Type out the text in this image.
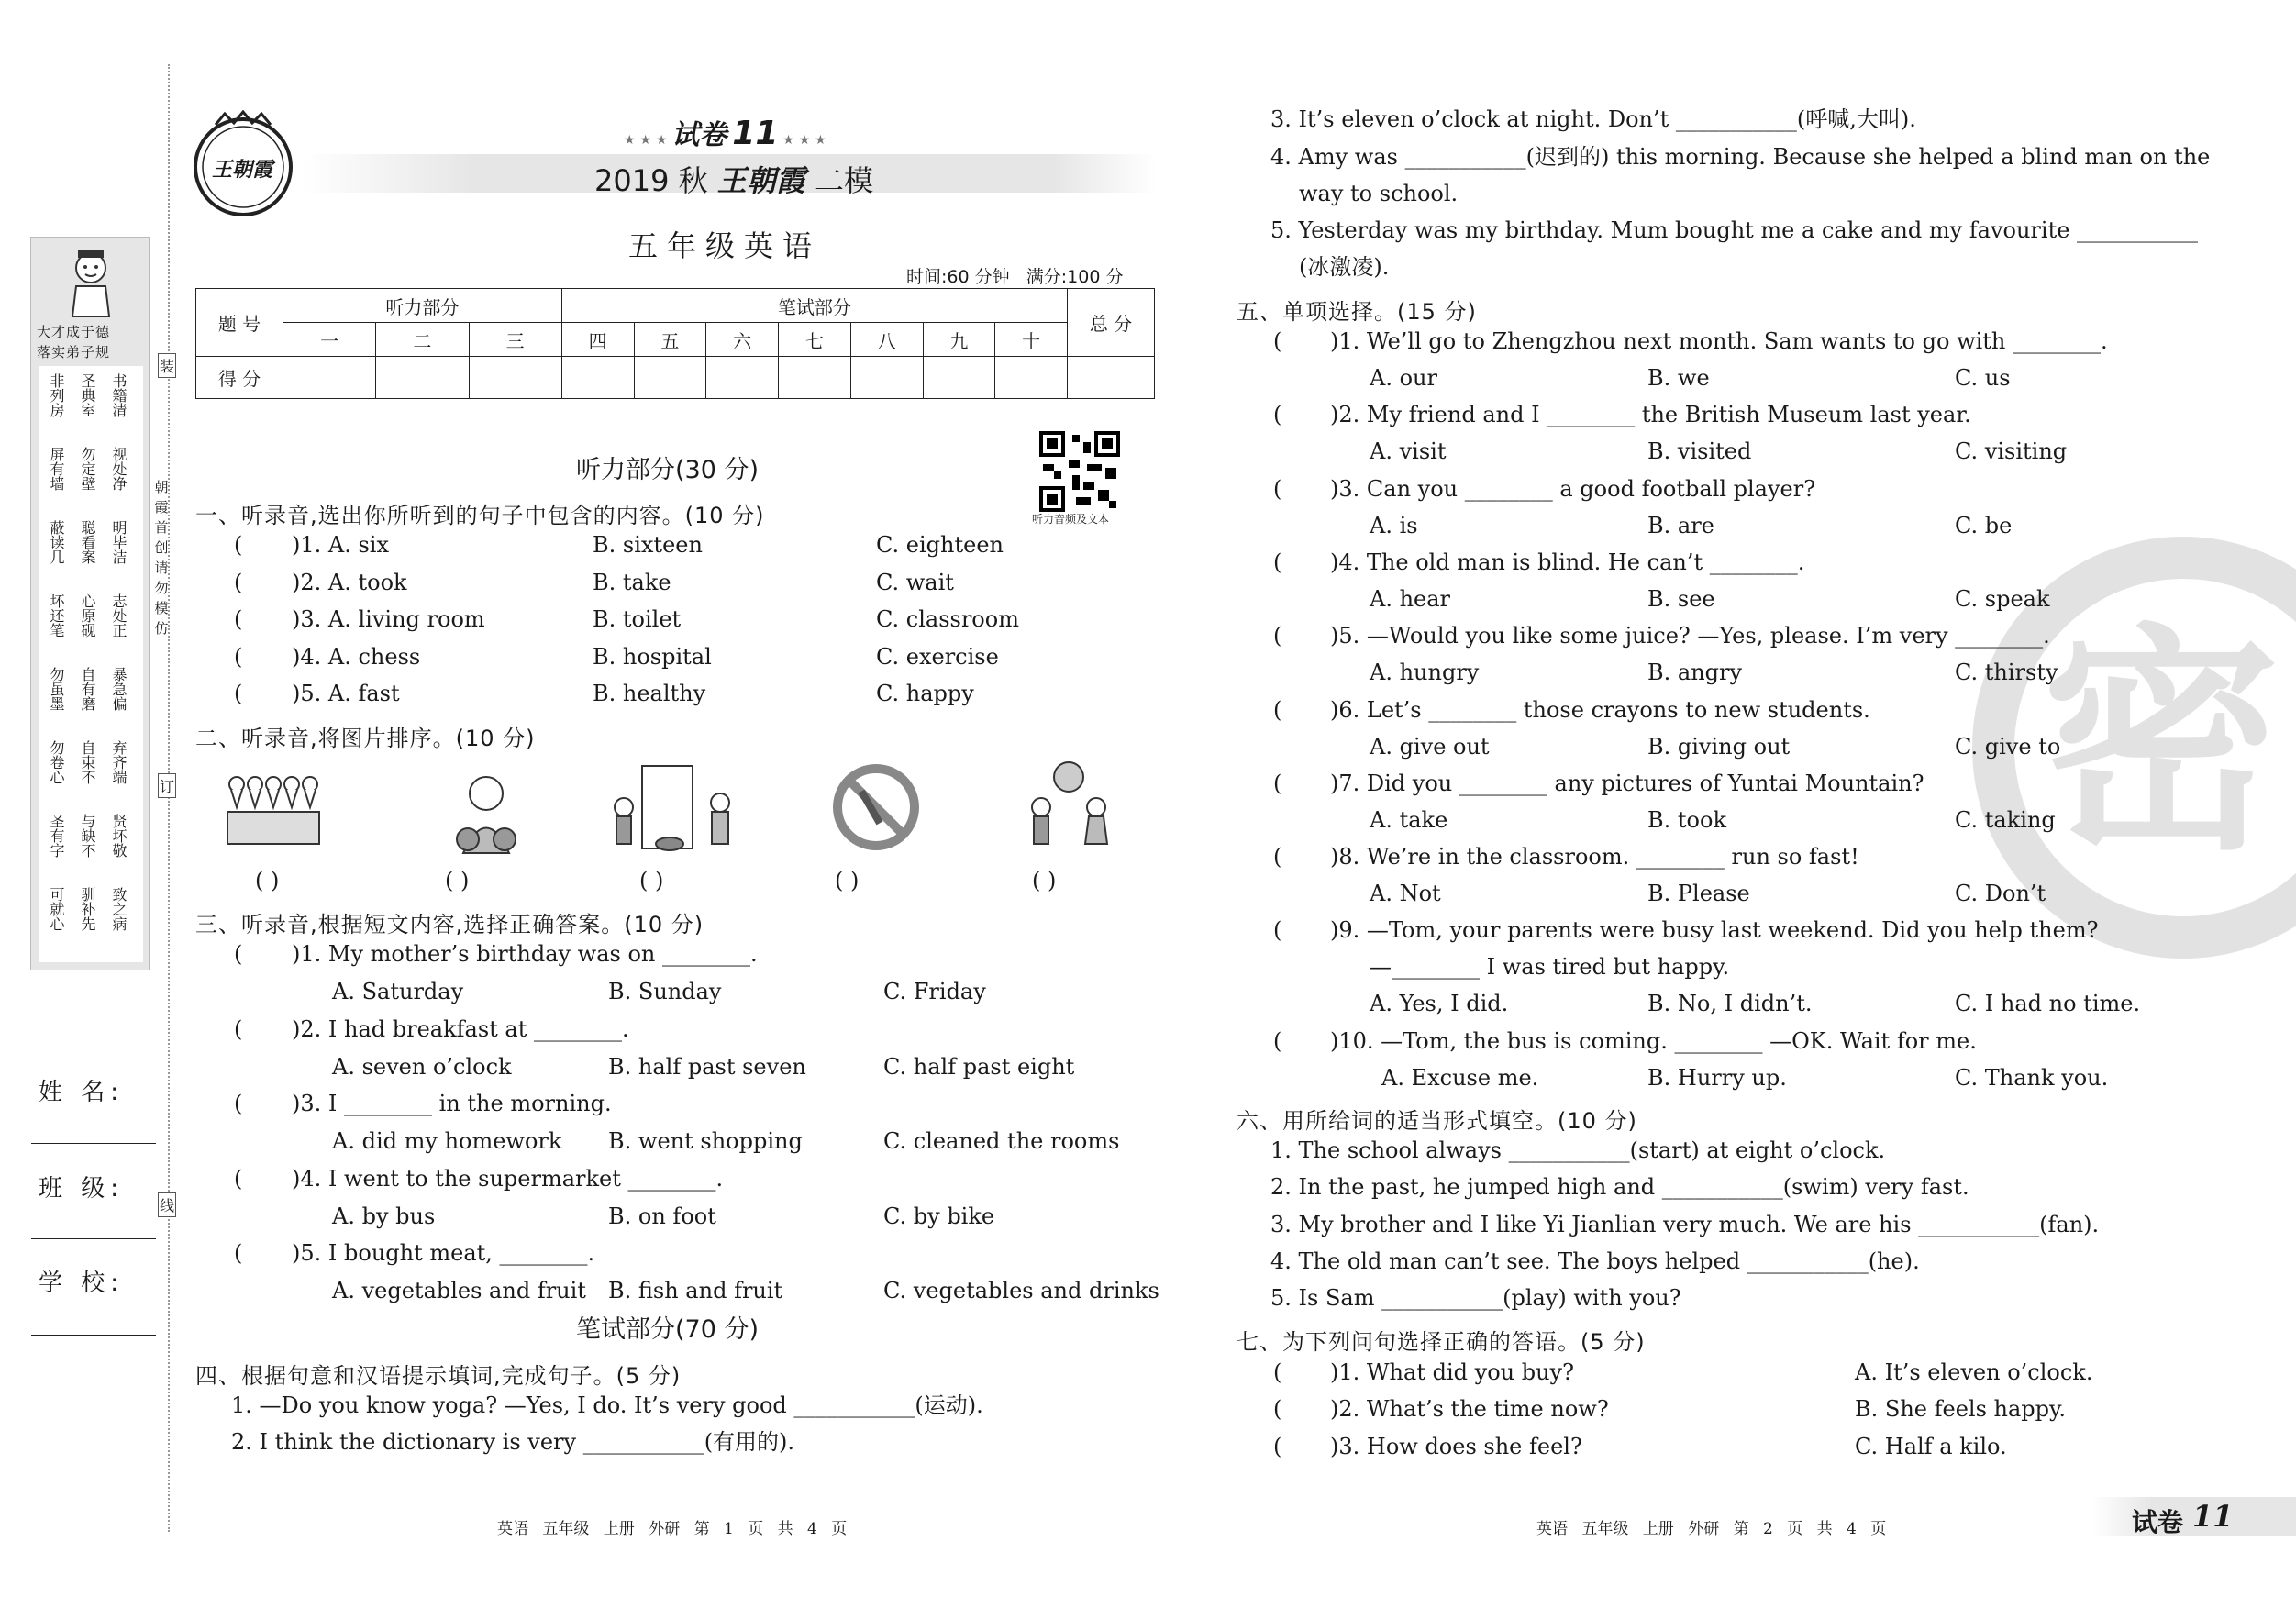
大才成于德
落实弟子规
非列房 圣典室 书籍清
屏有墙 勿定壁 视处净
蔽读几 聪看案 明毕洁
坏还笔 心原砚 志处正
勿虽墨 自有磨 暴急偏
勿卷心 自束不 弃齐端
圣有字 与缺不 贤坏敬
可就心 驯补先 致之病
朝
霞
首
创
请
勿
模
仿
装
订
线
姓 名:
班 级:
学 校:
王朝霞
★ ★ ★ 试卷 11 ★ ★ ★
2019 秋 王朝霞 二模
五年级英语
时间:60 分钟 满分:100 分
题 号	听力部分			笔试部分							总 分
	一	二	三	四	五	六	七	八	九	十	
得 分											
听力部分(30 分)
听力音频及文本
一、听录音,选出你所听到的句子中包含的内容。(10 分)
( )1. A. six	B. sixteen	C. eighteen
( )2. A. took	B. take	C. wait
( )3. A. living room	B. toilet	C. classroom
( )4. A. chess	B. hospital	C. exercise
( )5. A. fast	B. healthy	C. happy
二、听录音,将图片排序。(10 分)
( )	( )	( )	( )	( )
三、听录音,根据短文内容,选择正确答案。(10 分)
( )1. My mother’s birthday was on ________.
A. Saturday	B. Sunday	C. Friday
( )2. I had breakfast at ________.
A. seven o’clock	B. half past seven	C. half past eight
( )3. I ________ in the morning.
A. did my homework B. went shopping	C. cleaned the rooms
( )4. I went to the supermarket ________.
A. by bus	B. on foot	C. by bike
( )5. I bought meat, ________.
A. vegetables and fruit B. fish and fruit	C. vegetables and drinks
笔试部分(70 分)
四、根据句意和汉语提示填词,完成句子。(5 分)
1. —Do you know yoga? —Yes, I do. It’s very good ___________(运动).
2. I think the dictionary is very ___________(有用的).
英语 五年级 上册 外研 第 1 页 共 4 页
密
3. It’s eleven o’clock at night. Don’t ___________(呼喊,大叫).
4. Amy was ___________(迟到的) this morning. Because she helped a blind man on the
way to school.
5. Yesterday was my birthday. Mum bought me a cake and my favourite ___________
(冰激凌).
五、单项选择。(15 分)
( )1. We’ll go to Zhengzhou next month. Sam wants to go with ________.
A. our	B. we	C. us
( )2. My friend and I ________ the British Museum last year.
A. visit	B. visited	C. visiting
( )3. Can you ________ a good football player?
A. is	B. are	C. be
( )4. The old man is blind. He can’t ________.
A. hear	B. see	C. speak
( )5. —Would you like some juice? —Yes, please. I’m very ________.
A. hungry	B. angry	C. thirsty
( )6. Let’s ________ those crayons to new students.
A. give out	B. giving out	C. give to
( )7. Did you ________ any pictures of Yuntai Mountain?
A. take	B. took	C. taking
( )8. We’re in the classroom. ________ run so fast!
A. Not	B. Please	C. Don’t
( )9. —Tom, your parents were busy last weekend. Did you help them?
—________ I was tired but happy.
A. Yes, I did.	B. No, I didn’t.	C. I had no time.
( )10. —Tom, the bus is coming. ________ —OK. Wait for me.
A. Excuse me.	B. Hurry up.	C. Thank you.
六、用所给词的适当形式填空。(10 分)
1. The school always ___________(start) at eight o’clock.
2. In the past, he jumped high and ___________(swim) very fast.
3. My brother and I like Yi Jianlian very much. We are his ___________(fan).
4. The old man can’t see. The boys helped ___________(he).
5. Is Sam ___________(play) with you?
七、为下列问句选择正确的答语。(5 分)
( )1. What did you buy?	A. It’s eleven o’clock.
( )2. What’s the time now?	B. She feels happy.
( )3. How does she feel?	C. Half a kilo.
英语 五年级 上册 外研 第 2 页 共 4 页	试卷 11
